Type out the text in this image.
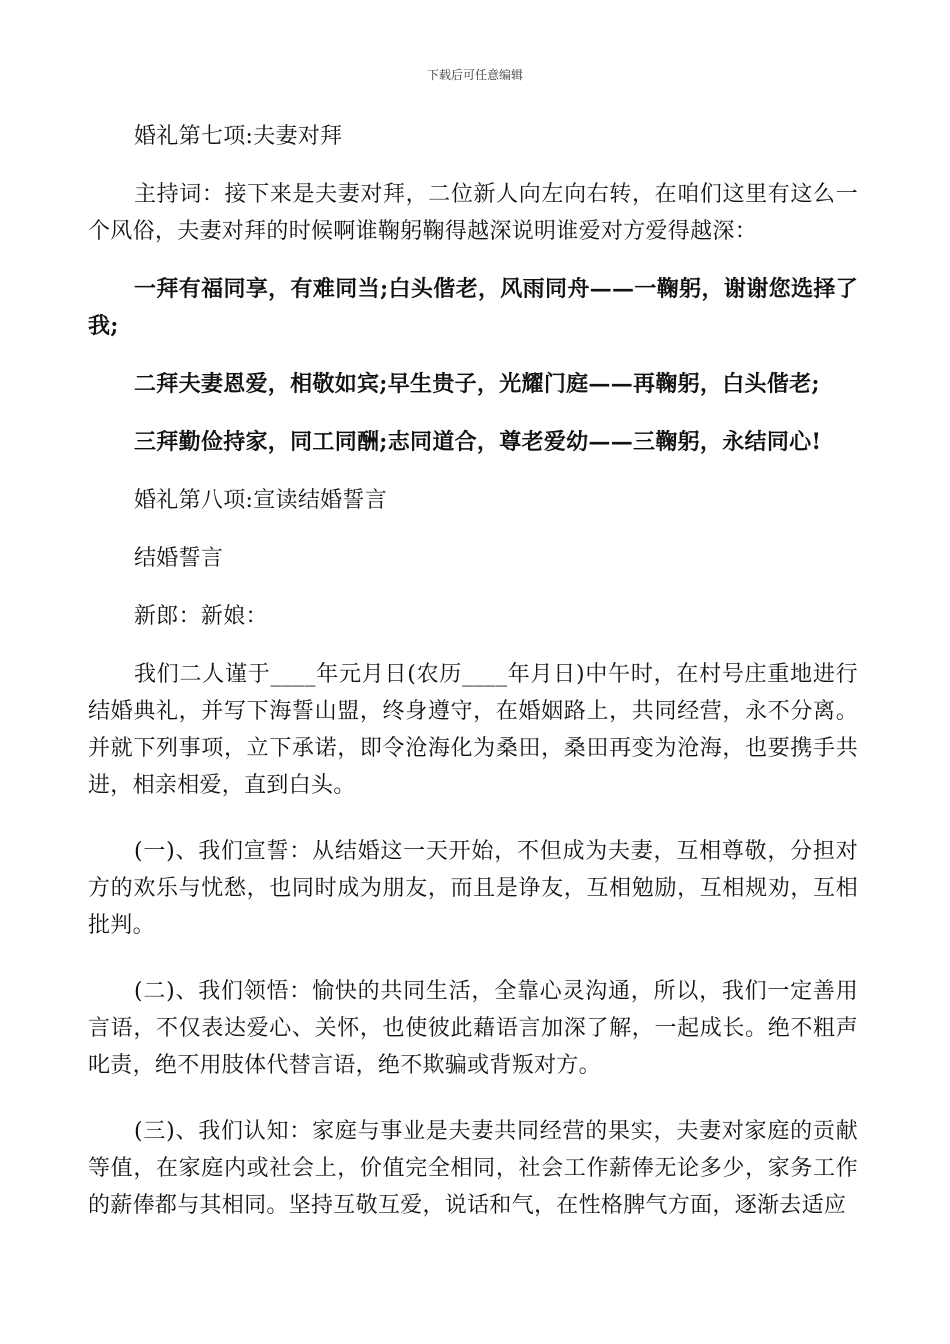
下载后可任意编辑

婚礼第七项:夫妻对拜

主持词：接下来是夫妻对拜，二位新人向左向右转，在咱们这里有这么一个风俗，夫妻对拜的时候啊谁鞠躬鞠得越深说明谁爱对方爱得越深：

一拜有福同享，有难同当;白头偕老，风雨同舟——一鞠躬，谢谢您选择了我;

二拜夫妻恩爱，相敬如宾;早生贵子，光耀门庭——再鞠躬，白头偕老;

三拜勤俭持家，同工同酬;志同道合，尊老爱幼——三鞠躬，永结同心!

婚礼第八项:宣读结婚誓言

结婚誓言

新郎：新娘：

我们二人谨于____年元月日(农历____年月日)中午时，在村号庄重地进行结婚典礼，并写下海誓山盟，终身遵守，在婚姻路上，共同经营，永不分离。并就下列事项，立下承诺，即令沧海化为桑田，桑田再变为沧海，也要携手共进，相亲相爱，直到白头。

(一)、我们宣誓：从结婚这一天开始，不但成为夫妻，互相尊敬，分担对方的欢乐与忧愁，也同时成为朋友，而且是诤友，互相勉励，互相规劝，互相批判。

(二)、我们领悟：愉快的共同生活，全靠心灵沟通，所以，我们一定善用言语，不仅表达爱心、关怀，也使彼此藉语言加深了解，一起成长。绝不粗声叱责，绝不用肢体代替言语，绝不欺骗或背叛对方。

(三)、我们认知：家庭与事业是夫妻共同经营的果实，夫妻对家庭的贡献等值，在家庭内或社会上，价值完全相同，社会工作薪俸无论多少，家务工作的薪俸都与其相同。坚持互敬互爱，说话和气，在性格脾气方面，逐渐去适应
